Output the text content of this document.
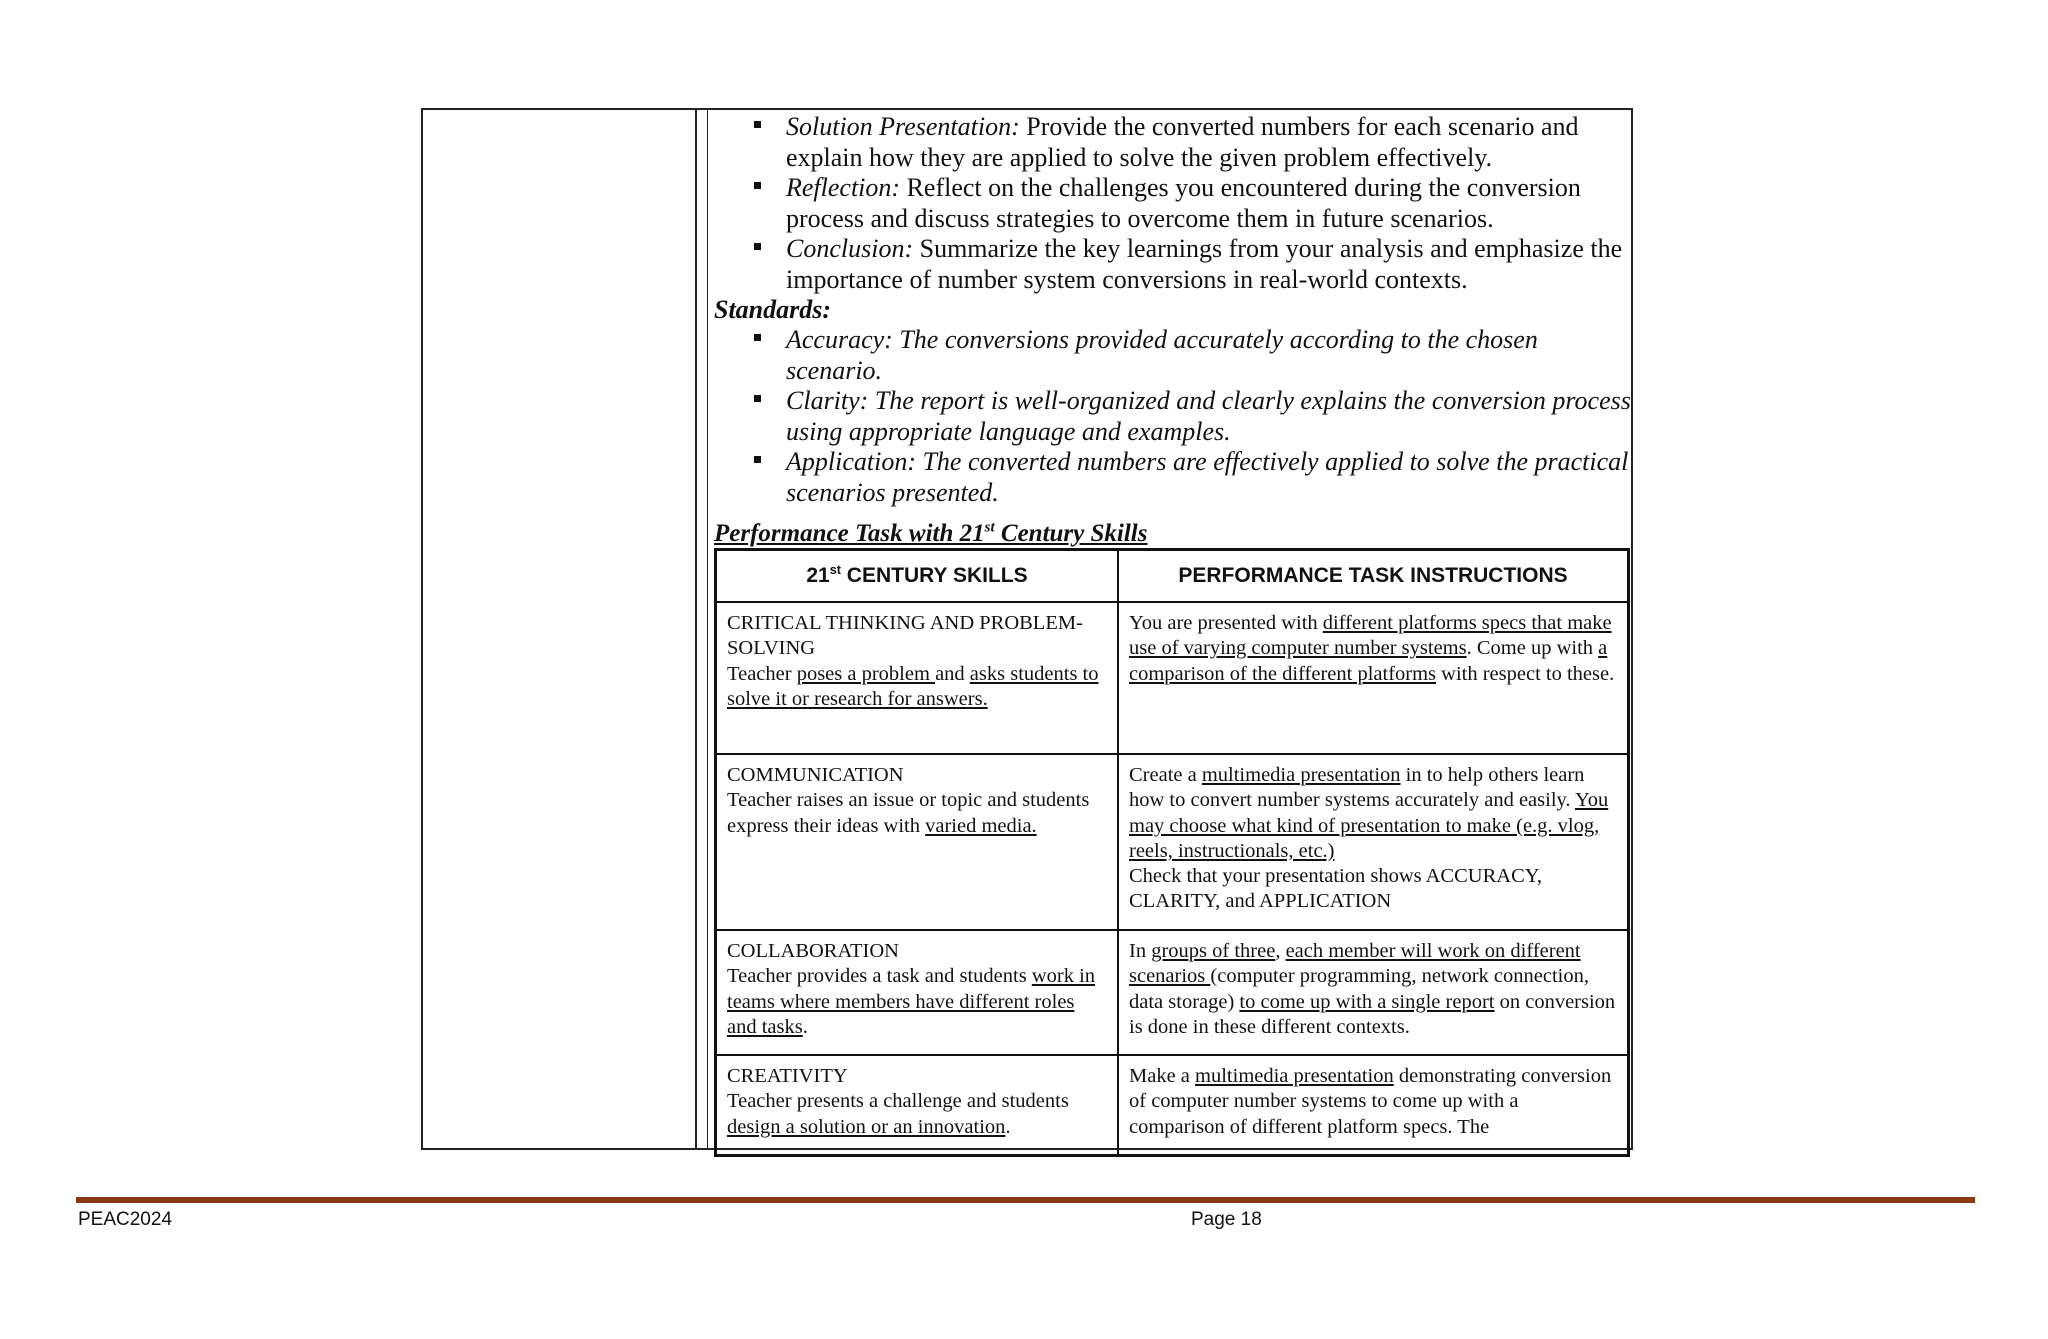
Solution Presentation: Provide the converted numbers for each scenario and explain how they are applied to solve the given problem effectively.
Reflection: Reflect on the challenges you encountered during the conversion process and discuss strategies to overcome them in future scenarios.
Conclusion: Summarize the key learnings from your analysis and emphasize the importance of number system conversions in real-world contexts.
Standards:
Accuracy: The conversions provided accurately according to the chosen scenario.
Clarity: The report is well-organized and clearly explains the conversion process using appropriate language and examples.
Application: The converted numbers are effectively applied to solve the practical scenarios presented.
Performance Task with 21st Century Skills
21st CENTURY SKILLS	PERFORMANCE TASK INSTRUCTIONS

CRITICAL THINKING AND PROBLEM-SOLVING
Teacher poses a problem and asks students to solve it or research for answers.	You are presented with different platforms specs that make use of varying computer number systems. Come up with a comparison of the different platforms with respect to these.

COMMUNICATION
Teacher raises an issue or topic and students express their ideas with varied media.	Create a multimedia presentation in to help others learn how to convert number systems accurately and easily. You may choose what kind of presentation to make (e.g. vlog, reels, instructionals, etc.)
Check that your presentation shows ACCURACY, CLARITY, and APPLICATION

COLLABORATION
Teacher provides a task and students work in teams where members have different roles and tasks.	In groups of three, each member will work on different scenarios (computer programming, network connection, data storage) to come up with a single report on conversion is done in these different contexts.

CREATIVITY
Teacher presents a challenge and students design a solution or an innovation.	Make a multimedia presentation demonstrating conversion of computer number systems to come up with a comparison of different platform specs. The
PEAC2024	Page 18
